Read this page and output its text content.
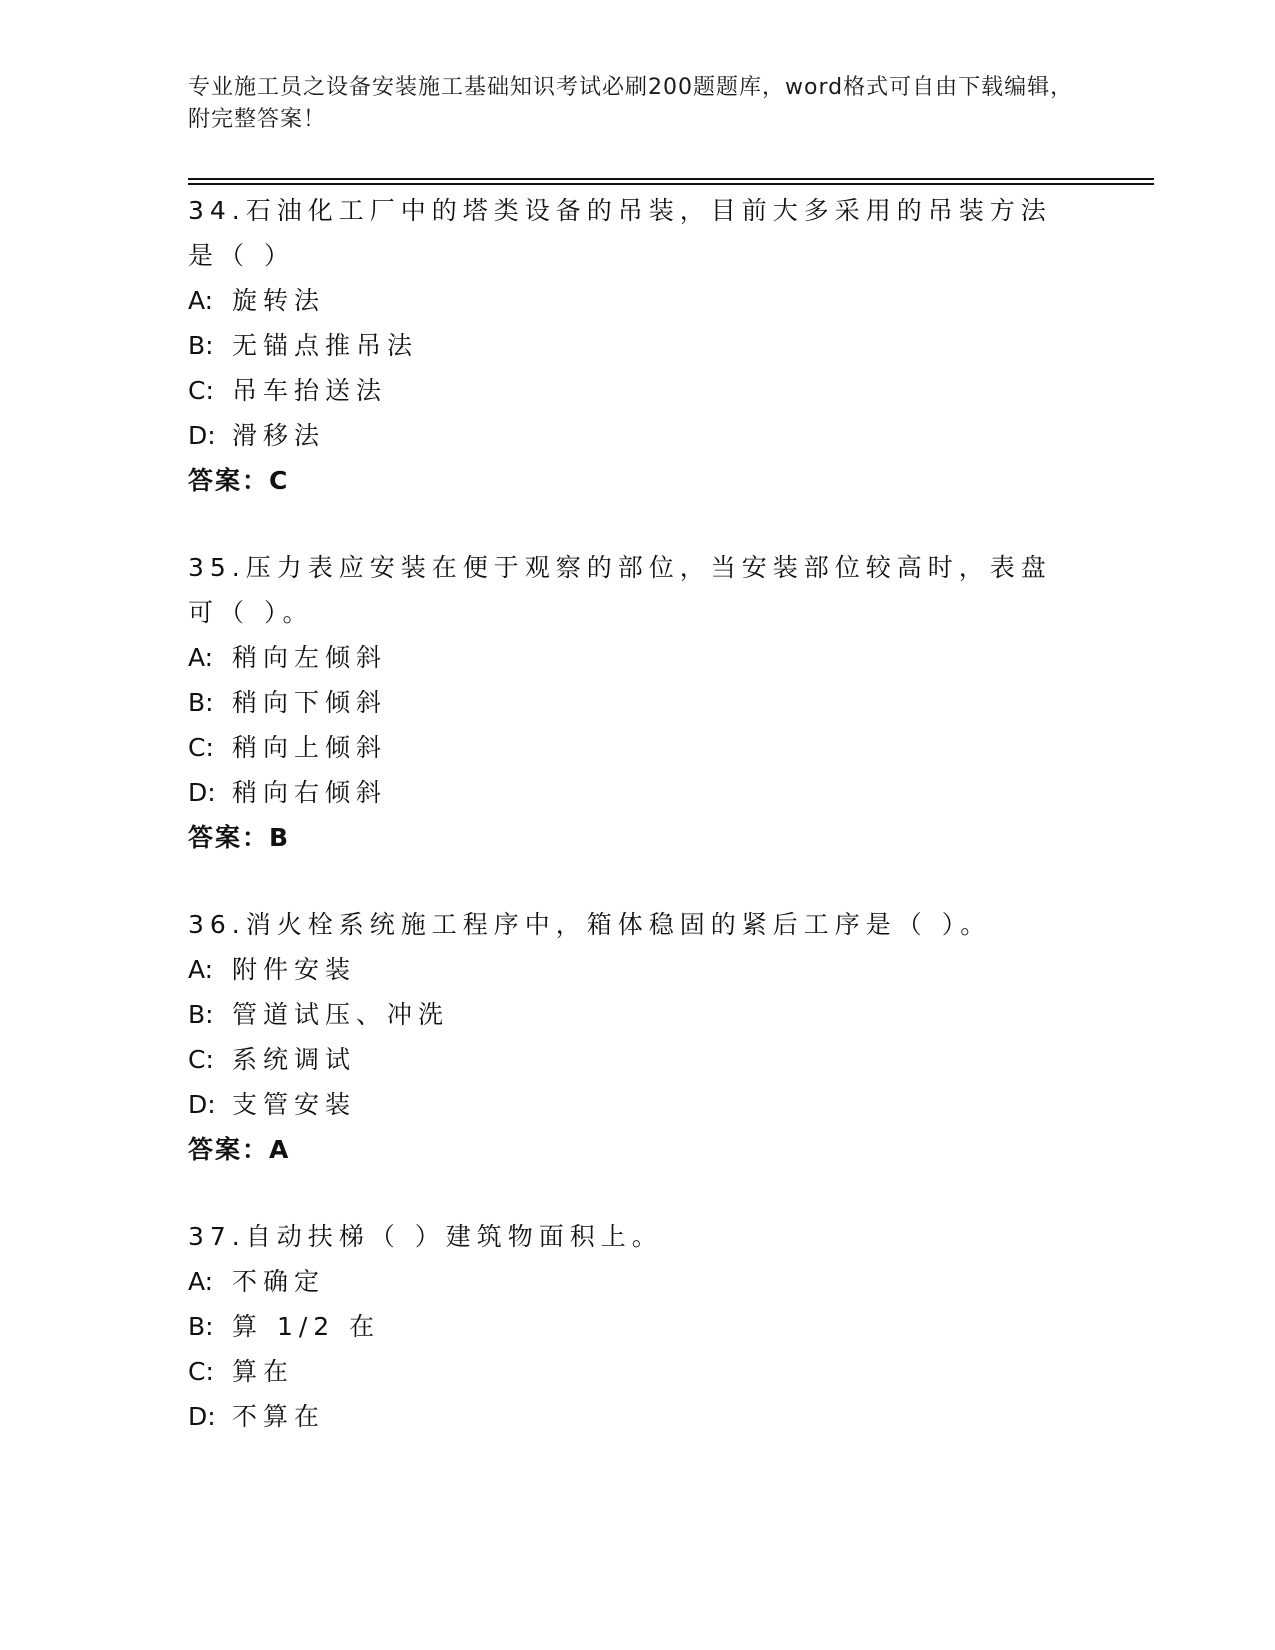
专业施工员之设备安装施工基础知识考试必刷200题题库，word格式可自由下载编辑，附完整答案！
34.石油化工厂中的塔类设备的吊装，目前大多采用的吊装方法是（ ）
A: 旋转法
B: 无锚点推吊法
C: 吊车抬送法
D: 滑移法
答案：C
35.压力表应安装在便于观察的部位，当安装部位较高时，表盘可（ ）。
A: 稍向左倾斜
B: 稍向下倾斜
C: 稍向上倾斜
D: 稍向右倾斜
答案：B
36.消火栓系统施工程序中，箱体稳固的紧后工序是（ ）。
A: 附件安装
B: 管道试压、冲洗
C: 系统调试
D: 支管安装
答案：A
37.自动扶梯（ ）建筑物面积上。
A: 不确定
B: 算 1/2 在
C: 算在
D: 不算在
